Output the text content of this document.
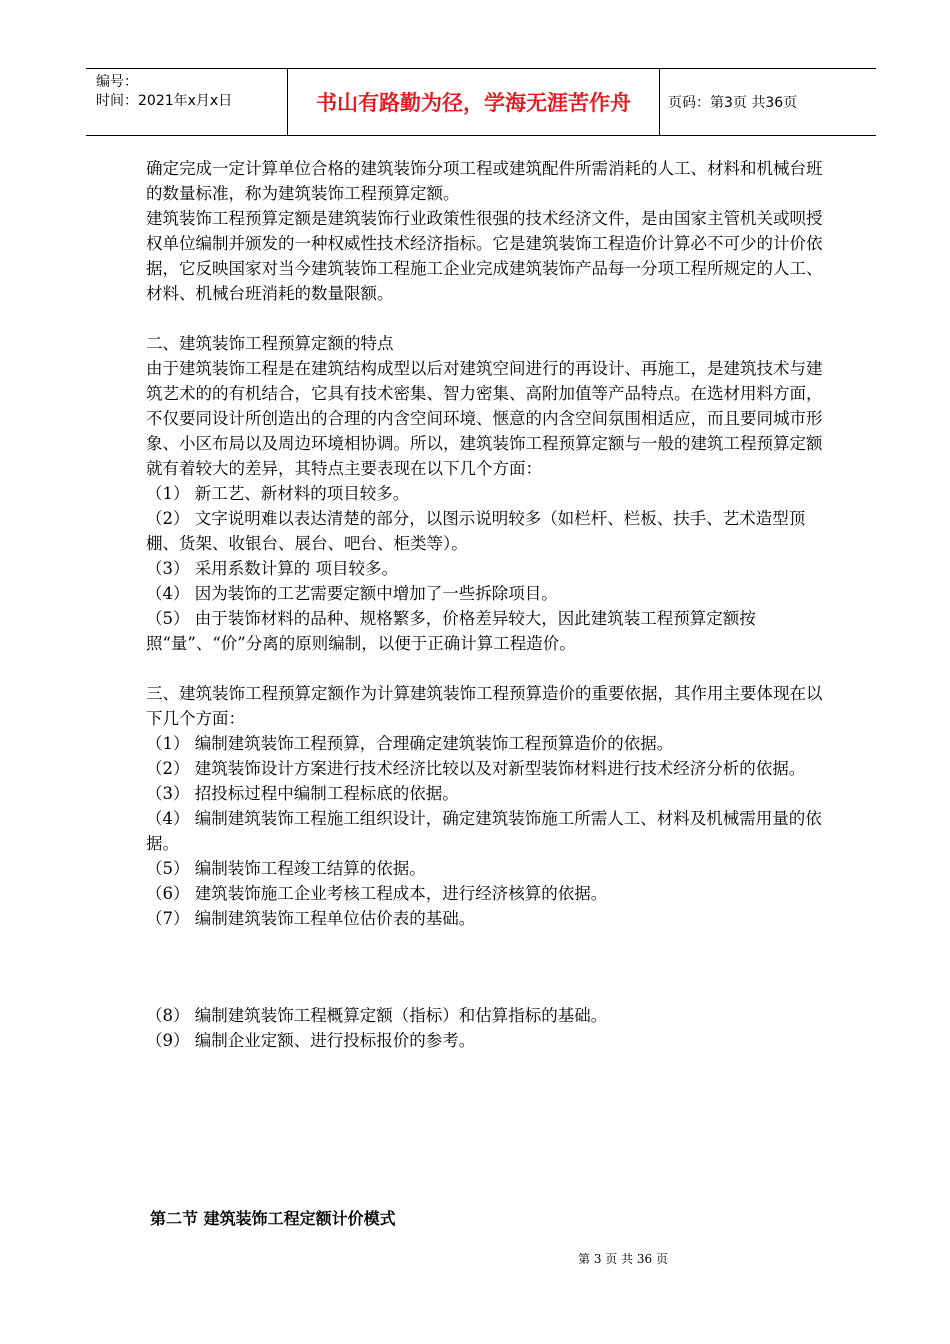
编号：
时间：2021年x月x日	书山有路勤为径，学海无涯苦作舟	页码：第3页 共36页

确定完成一定计算单位合格的建筑装饰分项工程或建筑配件所需消耗的人工、材料和机械台班的数量标准，称为建筑装饰工程预算定额。

建筑装饰工程预算定额是建筑装饰行业政策性很强的技术经济文件，是由国家主管机关或呗授权单位编制并颁发的一种权威性技术经济指标。它是建筑装饰工程造价计算必不可少的计价依据，它反映国家对当今建筑装饰工程施工企业完成建筑装饰产品每一分项工程所规定的人工、材料、机械台班消耗的数量限额。

二、建筑装饰工程预算定额的特点

由于建筑装饰工程是在建筑结构成型以后对建筑空间进行的再设计、再施工，是建筑技术与建筑艺术的的有机结合，它具有技术密集、智力密集、高附加值等产品特点。在选材用料方面，不仅要同设计所创造出的合理的内含空间环境、惬意的内含空间氛围相适应，而且要同城市形象、小区布局以及周边环境相协调。所以，建筑装饰工程预算定额与一般的建筑工程预算定额就有着较大的差异，其特点主要表现在以下几个方面：

（1） 新工艺、新材料的项目较多。

（2） 文字说明难以表达清楚的部分，以图示说明较多（如栏杆、栏板、扶手、艺术造型顶棚、货架、收银台、展台、吧台、柜类等）。

（3） 采用系数计算的 项目较多。

（4） 因为装饰的工艺需要定额中增加了一些拆除项目。

（5） 由于装饰材料的品种、规格繁多，价格差异较大，因此建筑装工程预算定额按照“量”、“价”分离的原则编制，以便于正确计算工程造价。

三、建筑装饰工程预算定额作为计算建筑装饰工程预算造价的重要依据，其作用主要体现在以下几个方面：

（1） 编制建筑装饰工程预算，合理确定建筑装饰工程预算造价的依据。

（2） 建筑装饰设计方案进行技术经济比较以及对新型装饰材料进行技术经济分析的依据。

（3） 招投标过程中编制工程标底的依据。

（4） 编制建筑装饰工程施工组织设计，确定建筑装饰施工所需人工、材料及机械需用量的依据。

（5） 编制装饰工程竣工结算的依据。

（6） 建筑装饰施工企业考核工程成本，进行经济核算的依据。

（7） 编制建筑装饰工程单位估价表的基础。

（8） 编制建筑装饰工程概算定额（指标）和估算指标的基础。

（9） 编制企业定额、进行投标报价的参考。

第二节 建筑装饰工程定额计价模式
第 3 页 共 36 页
